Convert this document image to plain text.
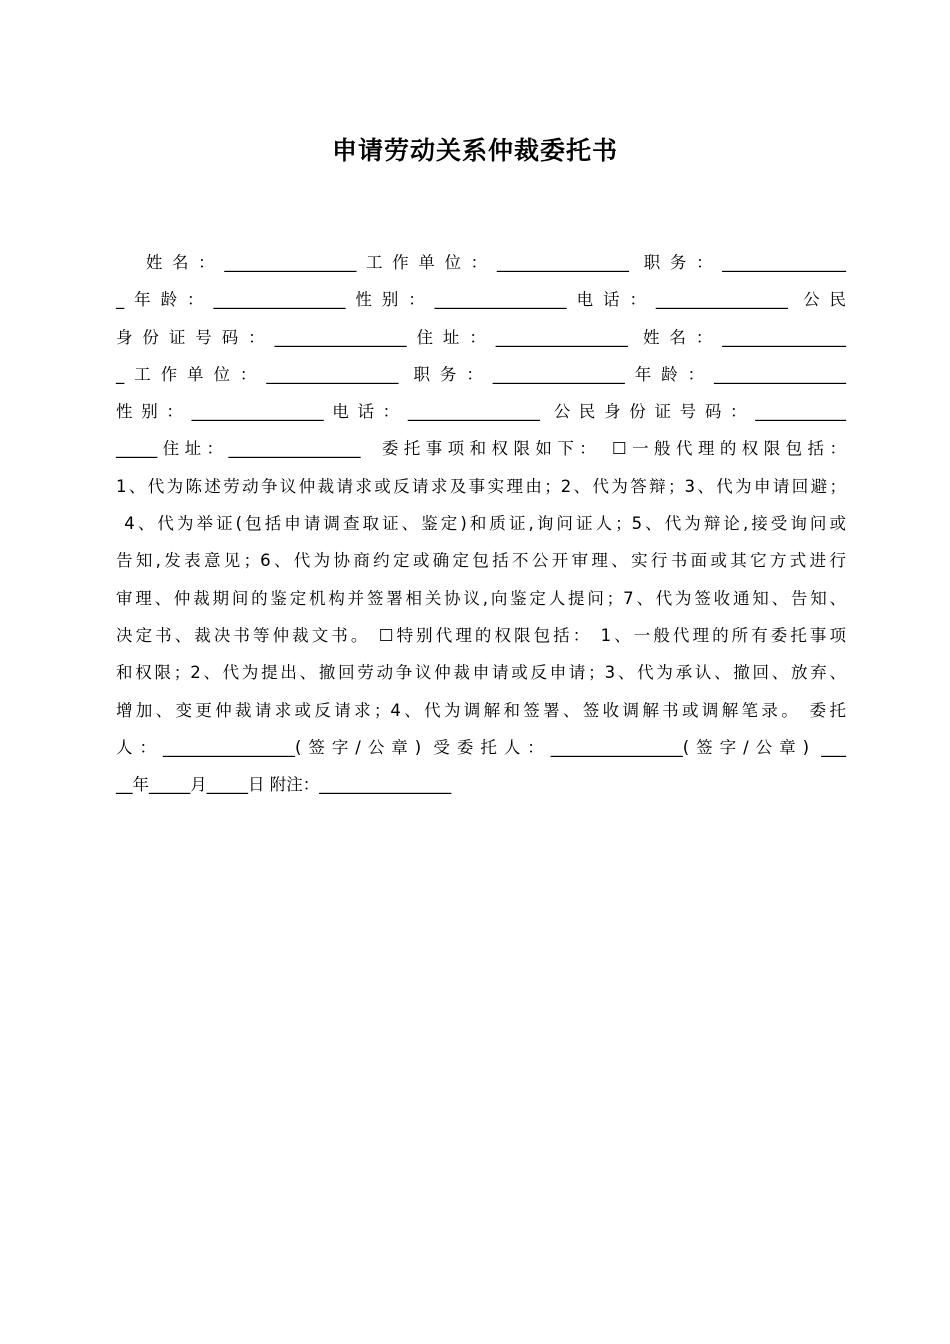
申请劳动关系仲裁委托书
姓名：________________工作单位：________________ 职务：_______________
_年龄：________________性别：________________电话：________________ 公民
身份证号码：________________住址：________________ 姓名：_______________
_工作单位：________________ 职务：________________年龄：________________
性别：________________电话：________________ 公民身份证号码：___________
_____住址：________________  委托事项和权限如下： ☐一般代理的权限包括：
1、代为陈述劳动争议仲裁请求或反请求及事实理由；2、代为答辩；3、代为申请回避；
4、代为举证(包括申请调查取证、鉴定)和质证,询问证人；5、代为辩论,接受询问或
告知,发表意见；6、代为协商约定或确定包括不公开审理、实行书面或其它方式进行
审理、仲裁期间的鉴定机构并签署相关协议,向鉴定人提问；7、代为签收通知、告知、
决定书、裁决书等仲裁文书。 ☐特别代理的权限包括： 1、一般代理的所有委托事项
和权限；2、代为提出、撤回劳动争议仲裁申请或反申请；3、代为承认、撤回、放弃、
增加、变更仲裁请求或反请求；4、代为调解和签署、签收调解书或调解笔录。 委托
人：________________(签字/公章) 受委托人：________________(签字/公章) ___
__年_____月_____日 附注：________________
